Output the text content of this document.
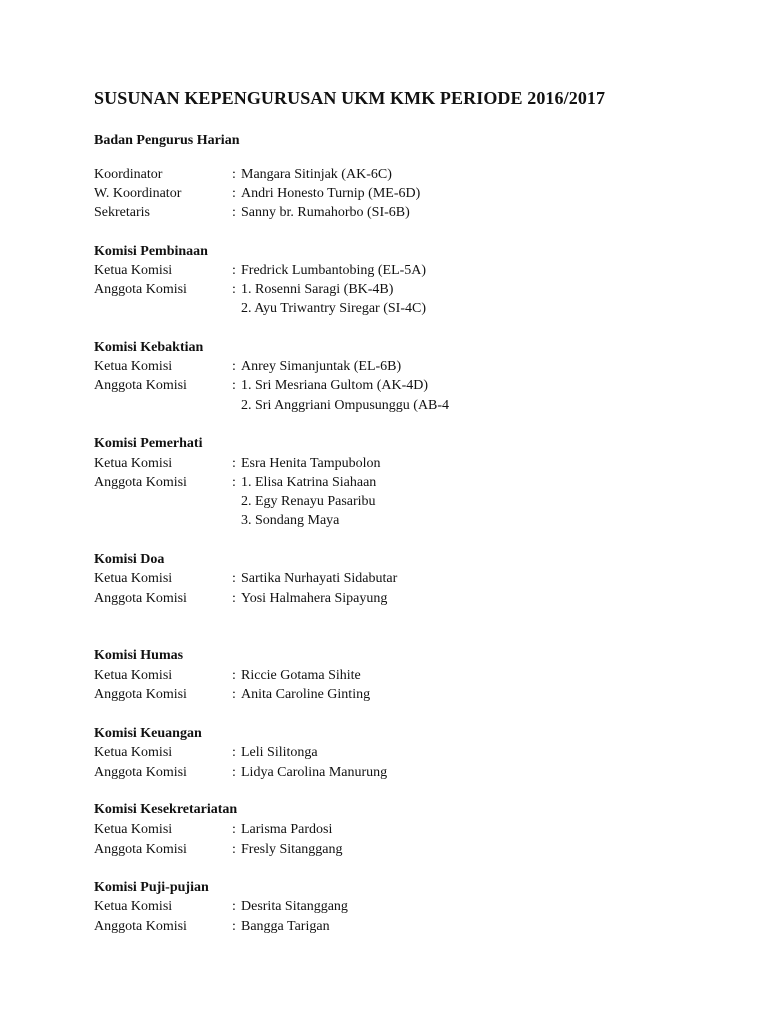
SUSUNAN KEPENGURUSAN UKM KMK PERIODE 2016/2017
Badan Pengurus Harian
Koordinator	: Mangara Sitinjak (AK-6C)
W. Koordinator	: Andri Honesto Turnip (ME-6D)
Sekretaris	: Sanny br. Rumahorbo (SI-6B)
Komisi Pembinaan
Ketua Komisi	: Fredrick Lumbantobing (EL-5A)
Anggota Komisi	: 1. Rosenni Saragi (BK-4B)
2. Ayu Triwantry Siregar (SI-4C)
Komisi Kebaktian
Ketua Komisi	: Anrey Simanjuntak (EL-6B)
Anggota Komisi	: 1. Sri Mesriana Gultom (AK-4D)
2. Sri Anggriani Ompusunggu (AB-4
Komisi Pemerhati
Ketua Komisi	: Esra Henita Tampubolon
Anggota Komisi	: 1. Elisa Katrina Siahaan
2. Egy Renayu Pasaribu
3. Sondang Maya
Komisi Doa
Ketua Komisi	: Sartika Nurhayati Sidabutar
Anggota Komisi	: Yosi Halmahera Sipayung
Komisi Humas
Ketua Komisi	: Riccie Gotama Sihite
Anggota Komisi	: Anita Caroline Ginting
Komisi Keuangan
Ketua Komisi	: Leli Silitonga
Anggota Komisi	: Lidya Carolina Manurung
Komisi Kesekretariatan
Ketua Komisi	: Larisma Pardosi
Anggota Komisi	: Fresly Sitanggang
Komisi Puji-pujian
Ketua Komisi	: Desrita Sitanggang
Anggota Komisi	: Bangga Tarigan
